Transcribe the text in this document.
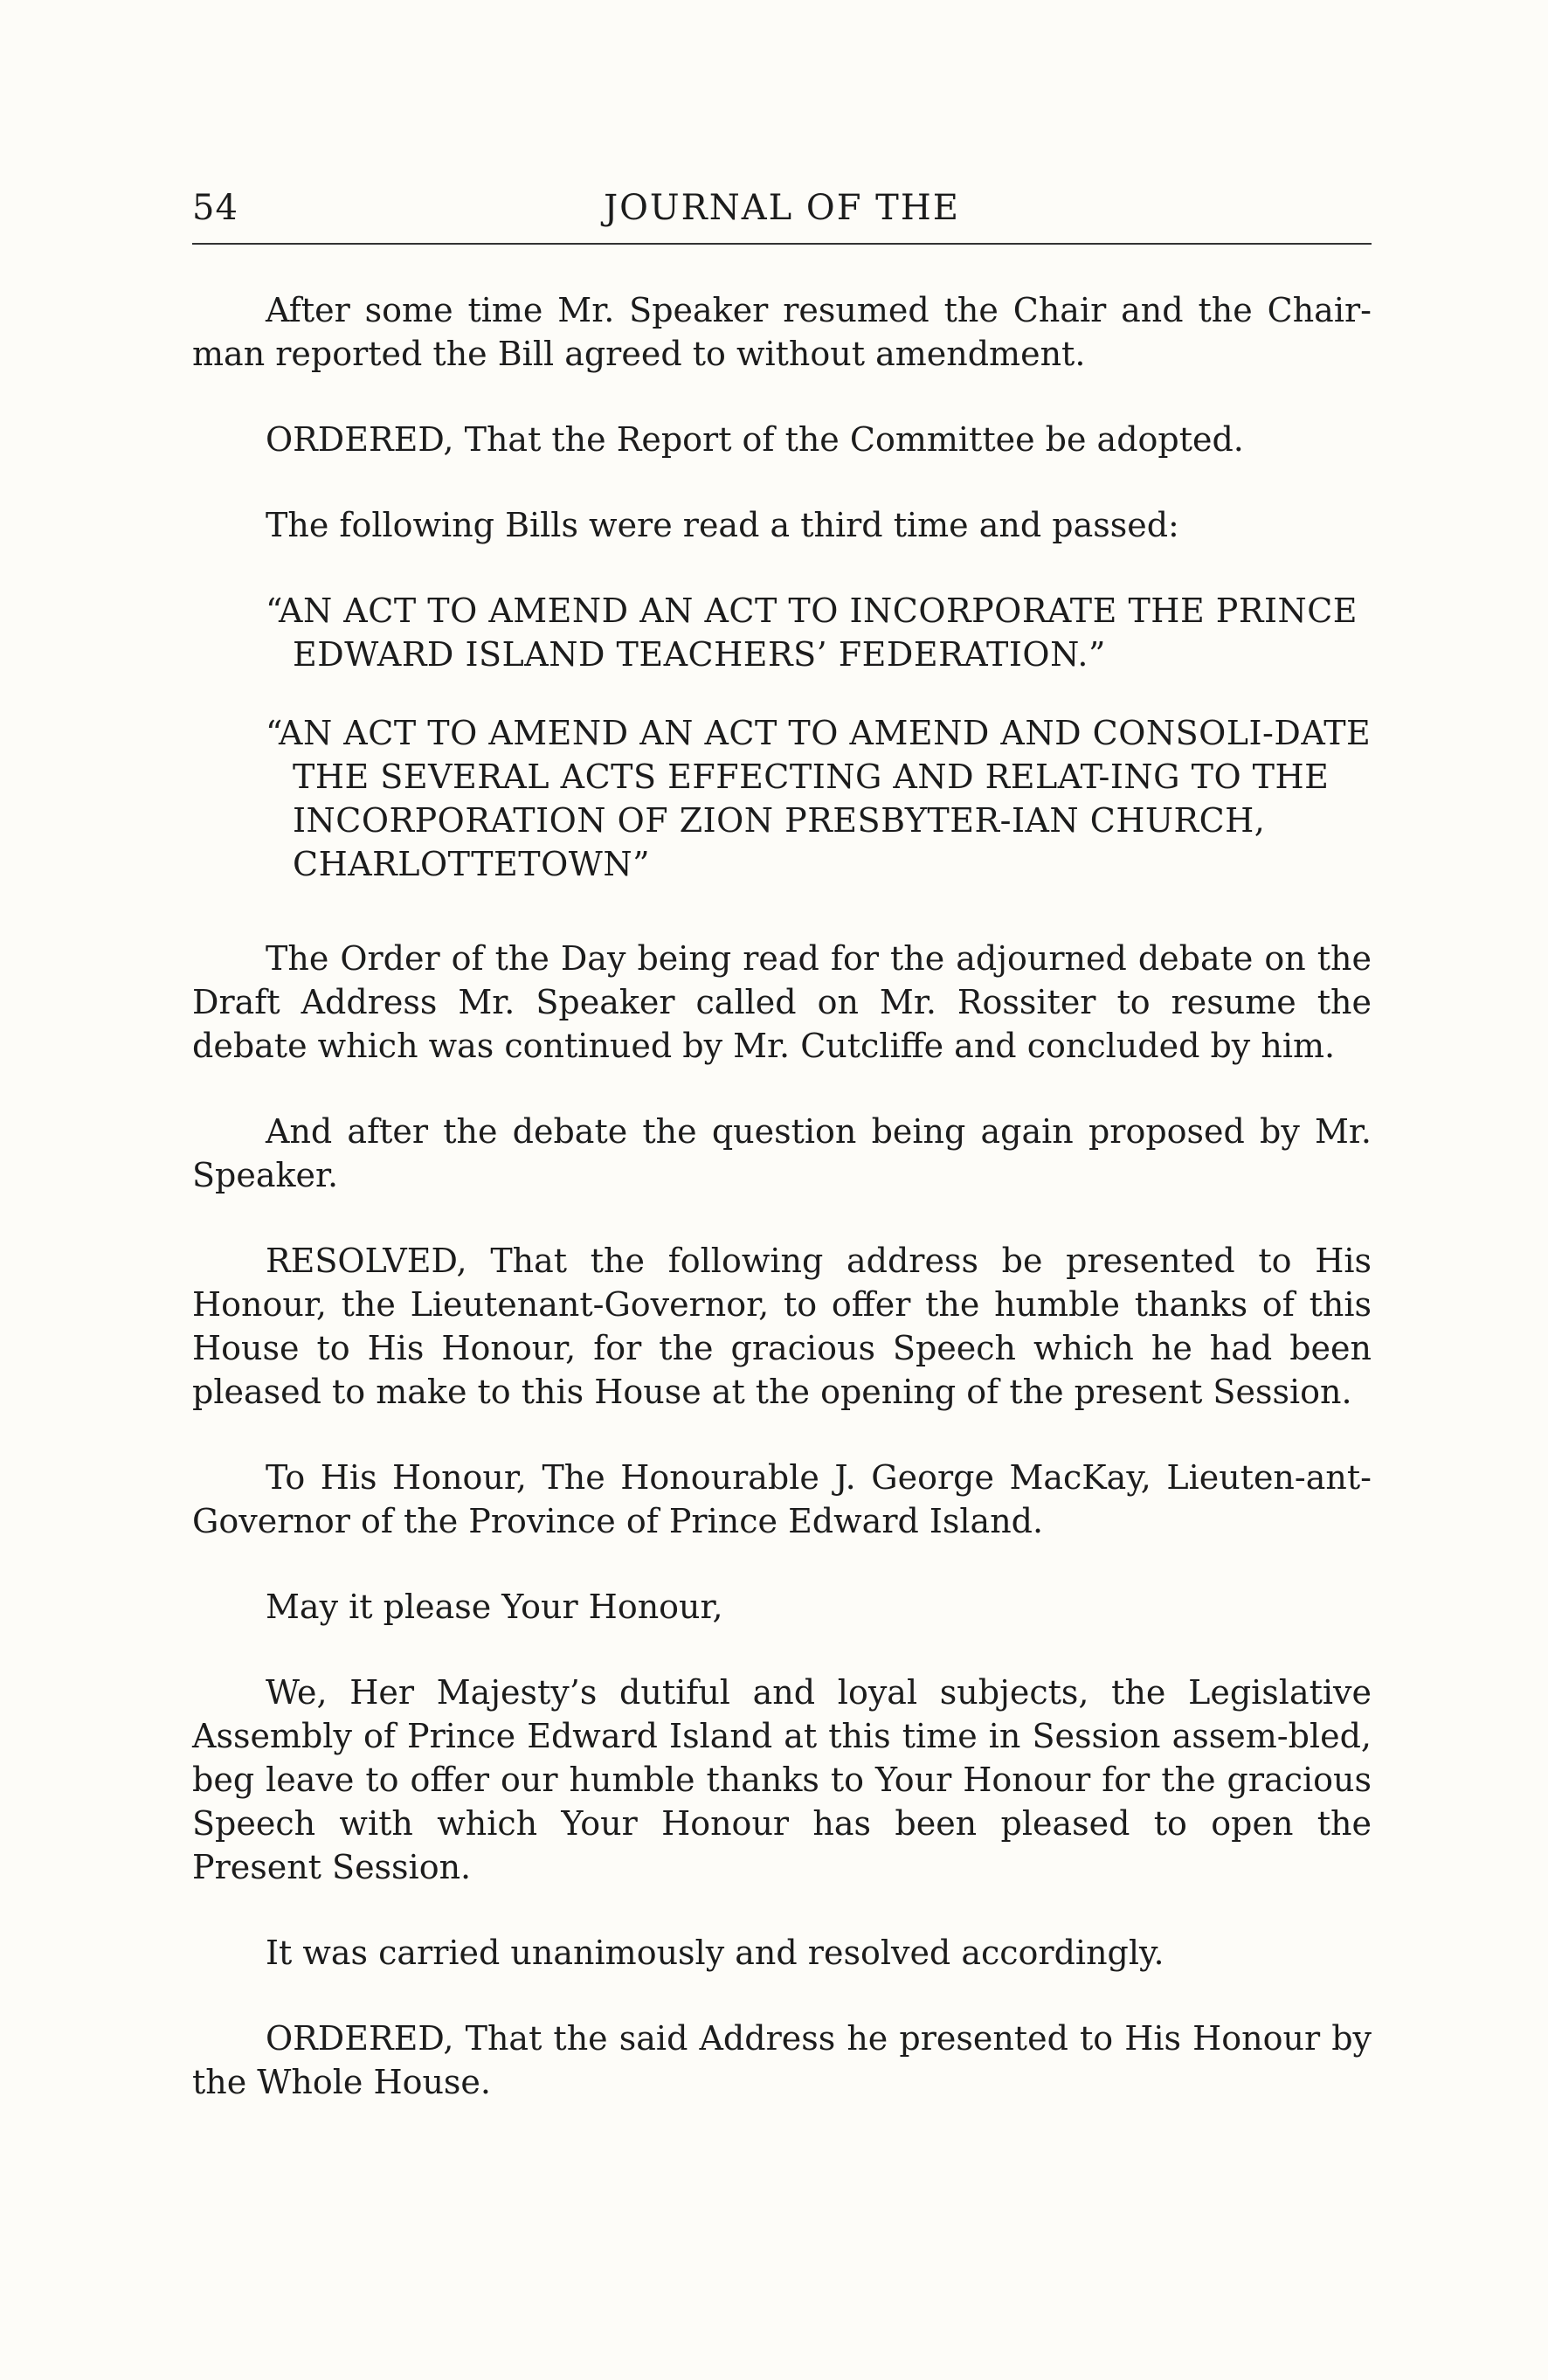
54	JOURNAL OF THE

After some time Mr. Speaker resumed the Chair and the Chair-man reported the Bill agreed to without amendment.

ORDERED, That the Report of the Committee be adopted.

The following Bills were read a third time and passed:

“AN ACT TO AMEND AN ACT TO INCORPORATE THE PRINCE EDWARD ISLAND TEACHERS’ FEDERATION.”

“AN ACT TO AMEND AN ACT TO AMEND AND CONSOLI-DATE THE SEVERAL ACTS EFFECTING AND RELAT-ING TO THE INCORPORATION OF ZION PRESBYTER-IAN CHURCH, CHARLOTTETOWN”

The Order of the Day being read for the adjourned debate on the Draft Address Mr. Speaker called on Mr. Rossiter to resume the debate which was continued by Mr. Cutcliffe and concluded by him.

And after the debate the question being again proposed by Mr. Speaker.

RESOLVED, That the following address be presented to His Honour, the Lieutenant-Governor, to offer the humble thanks of this House to His Honour, for the gracious Speech which he had been pleased to make to this House at the opening of the present Session.

To His Honour, The Honourable J. George MacKay, Lieuten-ant-Governor of the Province of Prince Edward Island.

May it please Your Honour,

We, Her Majesty’s dutiful and loyal subjects, the Legislative Assembly of Prince Edward Island at this time in Session assem-bled, beg leave to offer our humble thanks to Your Honour for the gracious Speech with which Your Honour has been pleased to open the Present Session.

It was carried unanimously and resolved accordingly.

ORDERED, That the said Address he presented to His Honour by the Whole House.
